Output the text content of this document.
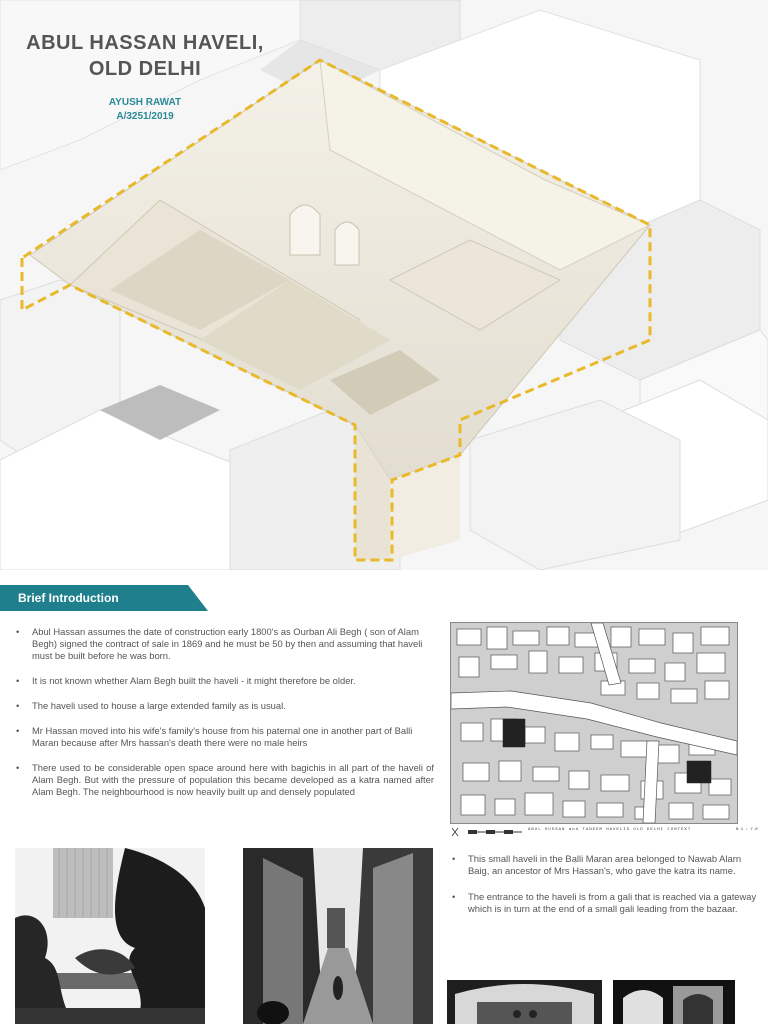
ABUL HASSAN HAVELI,
OLD DELHI
AYUSH RAWAT
A/3251/2019
Brief Introduction
• Abul Hassan assumes the date of construction early 1800's as Ourban Ali Begh ( son of Alam Begh) signed the contract of sale in 1869 and he must be 50 by then and assuming that haveli must be built before he was born.
• It is not known whether Alam Begh built the haveli - it might therefore be older.
• The haveli used to house a large extended family as is usual.
• Mr Hassan moved into his wife's family's house from his paternal one in another part of Balli Maran because after Mrs hassan's death there were no male heirs
• There used to be considerable open space around here with bagichis in all part of the haveli of Alam Begh. But with the pressure of population this became developed as a katra named after Alam Begh. The neighbourhood is now heavily built up and densely populated
ABUL HUSSAN and TANEEM HAVELIS OLD DELHI CONTEXT	N 1 : 7.0
• This small haveli in the Balli Maran area belonged to Nawab Alarn Baig, an ancestor of Mrs Hassan's, who gave the katra its name.
• The entrance to the haveli is from a gali that is reached via a gateway which is in turn at the end of a small gali leading from the bazaar.
